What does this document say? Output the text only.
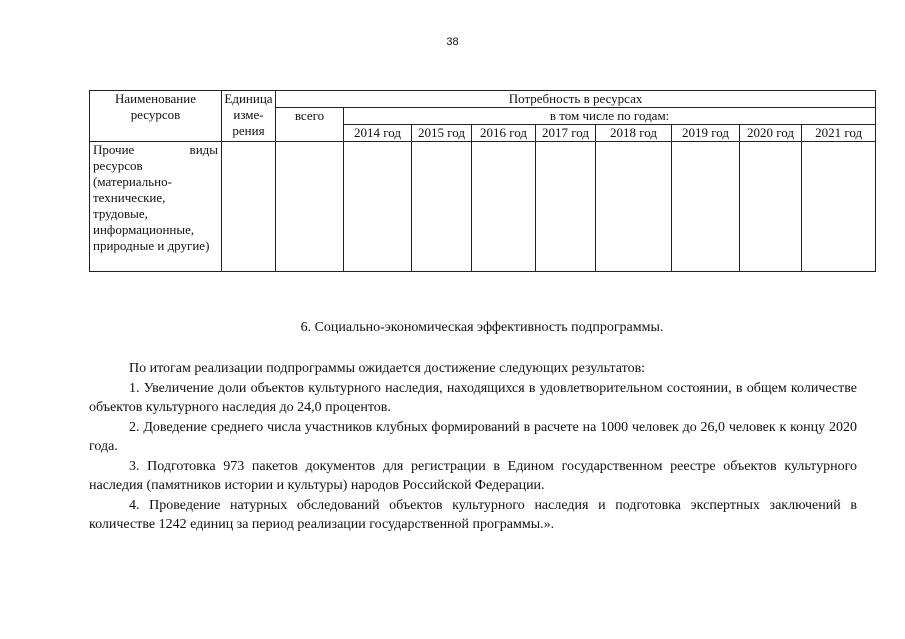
38
Наименование ресурсов	Единица изме-рения	Потребность в ресурсах								
		всего	в том числе по годам:							
			2014 год	2015 год	2016 год	2017 год	2018 год	2019 год	2020 год	2021 год
Прочие виды ресурсов (материально-технические, трудовые, информационные, природные и другие)										
6. Социально-экономическая эффективность подпрограммы.

По итогам реализации подпрограммы ожидается достижение следующих результатов:

1. Увеличение доли объектов культурного наследия, находящихся в удовлетворительном состоянии, в общем количестве объектов культурного наследия до 24,0 процентов.

2. Доведение среднего числа участников клубных формирований в расчете на 1000 человек до 26,0 человек к концу 2020 года.

3. Подготовка 973 пакетов документов для регистрации в Едином государственном реестре объектов культурного наследия (памятников истории и культуры) народов Российской Федерации.

4. Проведение натурных обследований объектов культурного наследия и подготовка экспертных заключений в количестве 1242 единиц за период реализации государственной программы.».
